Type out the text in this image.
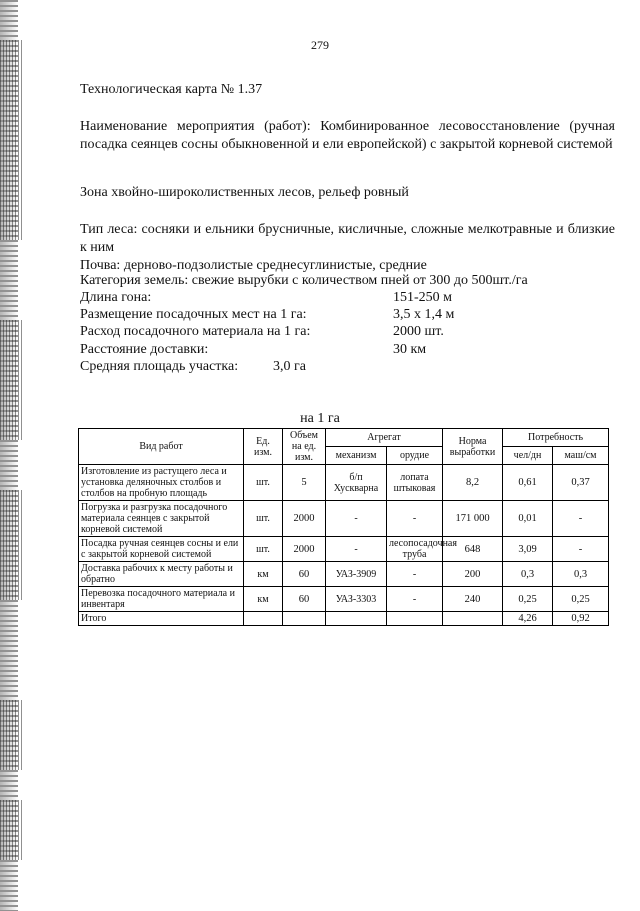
279
Технологическая карта № 1.37
Наименование мероприятия (работ): Комбинированное лесовосстановление (ручная посадка сеянцев сосны обыкновенной и ели европейской) с закрытой корневой системой
Зона хвойно-широколиственных лесов, рельеф ровный
Тип леса: сосняки и ельники брусничные, кисличные, сложные мелкотравные и близкие к ним
Почва: дерново-подзолистые среднесуглинистые, средние
Категория земель: свежие вырубки с количеством пней от 300 до 500шт./га
Длина гона:	151-250 м
Размещение посадочных мест на 1 га:	3,5 х 1,4 м
Расход посадочного материала на 1 га:	2000 шт.
Расстояние доставки:	30 км
Средняя площадь участка: 3,0 га
на 1 га
Вид работ	Ед. изм.	Объем на ед. изм.	Агрегат		Норма выработки	Потребность	
			механизм	орудие		чел/дн	маш/см
Изготовление из растущего леса и установка деляночных столбов и столбов на пробную площадь	шт.	5	б/п Хускварна	лопата штыковая	8,2	0,61	0,37
Погрузка и разгрузка посадочного материала сеянцев с закрытой корневой системой	шт.	2000	-	-	171 000	0,01	-
Посадка ручная сеянцев сосны и ели с закрытой корневой системой	шт.	2000	-	лесопосадочная труба	648	3,09	-
Доставка рабочих к месту работы и обратно	км	60	УАЗ-3909	-	200	0,3	0,3
Перевозка посадочного материала и инвентаря	км	60	УАЗ-3303	-	240	0,25	0,25
Итого						4,26	0,92
